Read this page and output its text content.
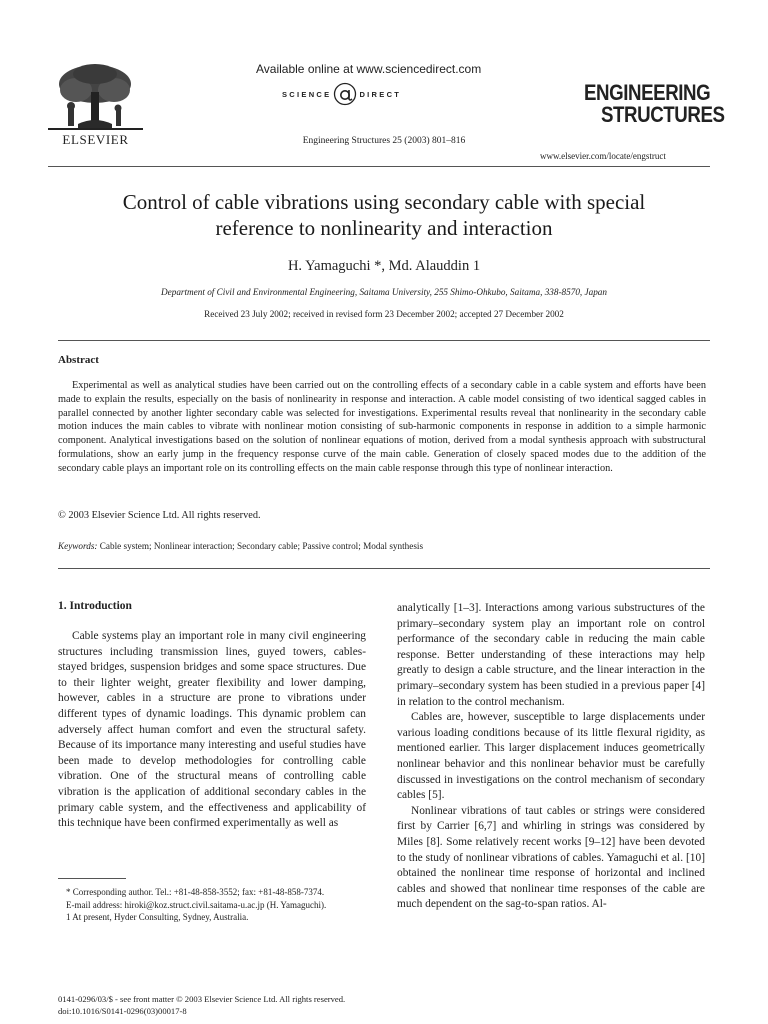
ELSEVIER
Available online at www.sciencedirect.com
SCIENCE	DIRECT
Engineering Structures 25 (2003) 801–816
ENGINEERING
STRUCTURES
www.elsevier.com/locate/engstruct
Control of cable vibrations using secondary cable with special
reference to nonlinearity and interaction
H. Yamaguchi *, Md. Alauddin 1
Department of Civil and Environmental Engineering, Saitama University, 255 Shimo-Ohkubo, Saitama, 338-8570, Japan
Received 23 July 2002; received in revised form 23 December 2002; accepted 27 December 2002
Abstract
Experimental as well as analytical studies have been carried out on the controlling effects of a secondary cable in a cable system and efforts have been made to explain the results, especially on the basis of nonlinearity in response and interaction. A cable model consisting of two identical sagged cables in parallel connected by another lighter secondary cable was selected for investigations. Experimental results reveal that nonlinearity in the secondary cable motion induces the main cables to vibrate with nonlinear motion consisting of sub-harmonic components in response in addition to a simple harmonic component. Analytical investigations based on the solution of nonlinear equations of motion, derived from a modal synthesis approach with substructural formulations, show an early jump in the frequency response curve of the main cable. Generation of closely spaced modes due to the addition of the secondary cable plays an important role on its controlling effects on the main cable response through this type of nonlinear interaction.
© 2003 Elsevier Science Ltd. All rights reserved.
Keywords: Cable system; Nonlinear interaction; Secondary cable; Passive control; Modal synthesis
1. Introduction

Cable systems play an important role in many civil engineering structures including transmission lines, guyed towers, cables-stayed bridges, suspension bridges and some space structures. Due to their lighter weight, greater flexibility and lower damping, however, cables in a structure are prone to vibrations under different types of dynamic loadings. This dynamic problem can adversely affect human comfort and even the structural safety. Because of its importance many interesting and useful studies have been made to develop methodologies for controlling cable vibration. One of the structural means of controlling cable vibration is the application of additional secondary cables in the primary cable system, and the effectiveness and applicability of this technique have been confirmed experimentally as well as

analytically [1–3]. Interactions among various substructures of the primary–secondary system play an important role on control performance of the secondary cable in reducing the main cable response. Better understanding of these interactions may help greatly to design a cable structure, and the linear interaction in the primary–secondary system has been studied in a previous paper [4] in relation to the control mechanism.

Cables are, however, susceptible to large displacements under various loading conditions because of its little flexural rigidity, as mentioned earlier. This larger displacement induces geometrically nonlinear behavior and this nonlinear behavior must be carefully discussed in investigations on the control mechanism of secondary cables [5].

Nonlinear vibrations of taut cables or strings were considered first by Carrier [6,7] and whirling in strings was considered by Miles [8]. Some relatively recent works [9–12] have been devoted to the study of nonlinear vibrations of cables. Yamaguchi et al. [10] obtained the nonlinear time response of horizontal and inclined cables and showed that nonlinear time responses of the cable are much dependent on the sag-to-span ratios. Al-

* Corresponding author. Tel.: +81-48-858-3552; fax: +81-48-858-7374.

E-mail address: hiroki@koz.struct.civil.saitama-u.ac.jp (H. Yamaguchi).

1 At present, Hyder Consulting, Sydney, Australia.

0141-0296/03/$ - see front matter © 2003 Elsevier Science Ltd. All rights reserved.
doi:10.1016/S0141-0296(03)00017-8
